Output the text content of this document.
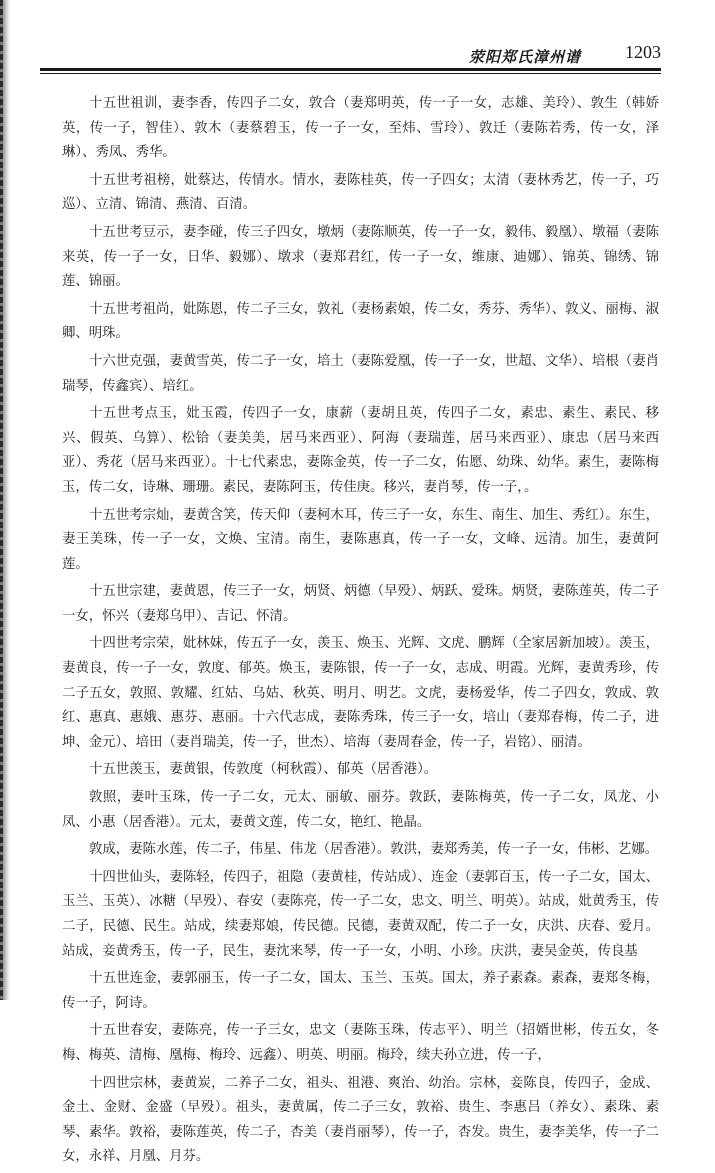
荥阳郑氏漳州谱 1203

十五世祖训，妻李香，传四子二女，敦合（妻郑明英，传一子一女，志雄、美玲）、敦生（韩娇英，传一子，智佳）、敦木（妻蔡碧玉，传一子一女，至炜、雪玲）、敦迁（妻陈若秀，传一女，泽琳）、秀凤、秀华。

十五世考祖榜，妣蔡达，传情水。情水，妻陈桂英，传一子四女；太清（妻林秀艺，传一子，巧巡）、立清、锦清、燕清、百清。

十五世考豆示，妻李碰，传三子四女，墩炳（妻陈顺英，传一子一女，毅伟、毅凰）、墩福（妻陈来英，传一子一女，日华、毅娜）、墩求（妻郑君红，传一子一女，维康、迪娜）、锦英、锦绣、锦莲、锦丽。

十五世考祖尚，妣陈恩，传二子三女，敦礼（妻杨素娘，传二女，秀芬、秀华）、敦义、丽梅、淑卿、明珠。

十六世克强，妻黄雪英，传二子一女，培土（妻陈爱凰，传一子一女，世超、文华）、培根（妻肖瑞琴，传鑫宾）、培红。

十五世考点玉，妣玉霞，传四子一女，康薪（妻胡且英，传四子二女，素忠、素生、素民、移兴、假英、乌算）、松铪（妻美美，居马来西亚）、阿海（妻瑞莲，居马来西亚）、康忠（居马来西亚）、秀花（居马来西亚）。十七代素忠，妻陈金英，传一子二女，佑愿、幼珠、幼华。素生，妻陈梅玉，传二女，诗琳、珊珊。素民，妻陈阿玉，传佳庚。移兴，妻肖琴，传一子，。

十五世考宗灿，妻黄含笑，传天仰（妻柯木耳，传三子一女，东生、南生、加生、秀红）。东生，妻王美珠，传一子一女，文焕、宝清。南生，妻陈惠真，传一子一女，文峰、远清。加生，妻黄阿莲。

十五世宗建，妻黄恩，传三子一女，炳贤、炳德（早殁）、炳跃、爱珠。炳贤，妻陈莲英，传二子一女，怀兴（妻郑乌甲）、吉记、怀清。

十四世考宗荣，妣林妹，传五子一女，羡玉、焕玉、光辉、文虎、鹏辉（全家居新加坡）。羡玉，妻黄良，传一子一女，敦度、郁英。焕玉，妻陈银，传一子一女，志成、明霞。光辉，妻黄秀珍，传二子五女，敦照、敦耀、红姑、乌姑、秋英、明月、明艺。文虎，妻杨爱华，传二子四女，敦成、敦红、惠真、惠娥、惠芬、惠丽。十六代志成，妻陈秀珠，传三子一女，培山（妻郑春梅，传二子，进坤、金元）、培田（妻肖瑞美，传一子，世杰）、培海（妻周春金，传一子，岩铭）、丽清。

十五世羡玉，妻黄银，传敦度（柯秋霞）、郁英（居香港）。

敦照，妻叶玉珠，传一子二女，元太、丽敏、丽芬。敦跃，妻陈梅英，传一子二女，凤龙、小凤、小惠（居香港）。元太，妻黄文莲，传二女，艳红、艳晶。

敦成，妻陈水莲，传二子，伟星、伟龙（居香港）。敦洪，妻郑秀美，传一子一女，伟彬、艺娜。

十四世仙头，妻陈轻，传四子，祖隐（妻黄桂，传站成）、连金（妻郭百玉，传一子二女，国太、玉兰、玉英）、冰糖（早殁）、春安（妻陈亮，传一子二女，忠文、明兰、明英）。站成，妣黄秀玉，传二子，民德、民生。站成，续妻郑娘，传民德。民德，妻黄双配，传二子一女，庆洪、庆春、爱月。站成，妾黄秀玉，传一子，民生，妻沈来琴，传一子一女，小明、小珍。庆洪，妻吴金英，传良基

十五世连金，妻郭丽玉，传一子二女，国太、玉兰、玉英。国太，养子素森。素森，妻郑冬梅，传一子，阿诗。

十五世春安，妻陈亮，传一子三女，忠文（妻陈玉珠，传志平）、明兰（招婿世彬，传五女，冬梅、梅英、清梅、凰梅、梅玲、远鑫）、明英、明丽。梅玲，续夫孙立进，传一子，

十四世宗林，妻黄炭，二养子二女，祖头、祖港、爽治、幼治。宗林，妾陈良，传四子，金成、金土、金财、金盛（早殁）。祖头，妻黄属，传二子三女，敦裕、贵生、李惠吕（养女）、素珠、素琴、素华。敦裕，妻陈莲英，传二子，杏美（妻肖丽琴），传一子，杏发。贵生，妻李美华，传一子二女，永祥、月凰、月芬。
